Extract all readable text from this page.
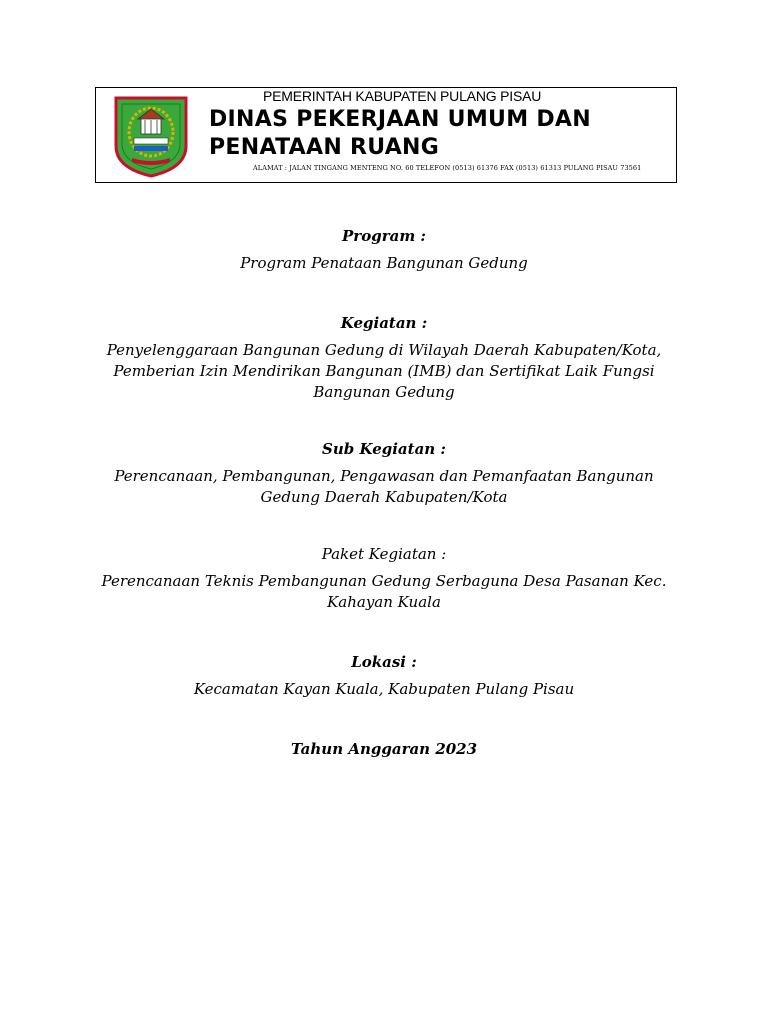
PEMERINTAH KABUPATEN PULANG PISAU
DINAS PEKERJAAN UMUM DAN
PENATAAN RUANG
ALAMAT : JALAN TINGANG MENTENG NO. 60 TELEFON (0513) 61376 FAX (0513) 61313 PULANG PISAU 73561
Program :
Program Penataan Bangunan Gedung
Kegiatan :
Penyelenggaraan Bangunan Gedung di Wilayah Daerah Kabupaten/Kota,
Pemberian Izin Mendirikan Bangunan (IMB) dan Sertifikat Laik Fungsi
Bangunan Gedung
Sub Kegiatan :
Perencanaan, Pembangunan, Pengawasan dan Pemanfaatan Bangunan
Gedung Daerah Kabupaten/Kota
Paket Kegiatan :
Perencanaan Teknis Pembangunan Gedung Serbaguna Desa Pasanan Kec.
Kahayan Kuala
Lokasi :
Kecamatan Kayan Kuala, Kabupaten Pulang Pisau
Tahun Anggaran 2023
